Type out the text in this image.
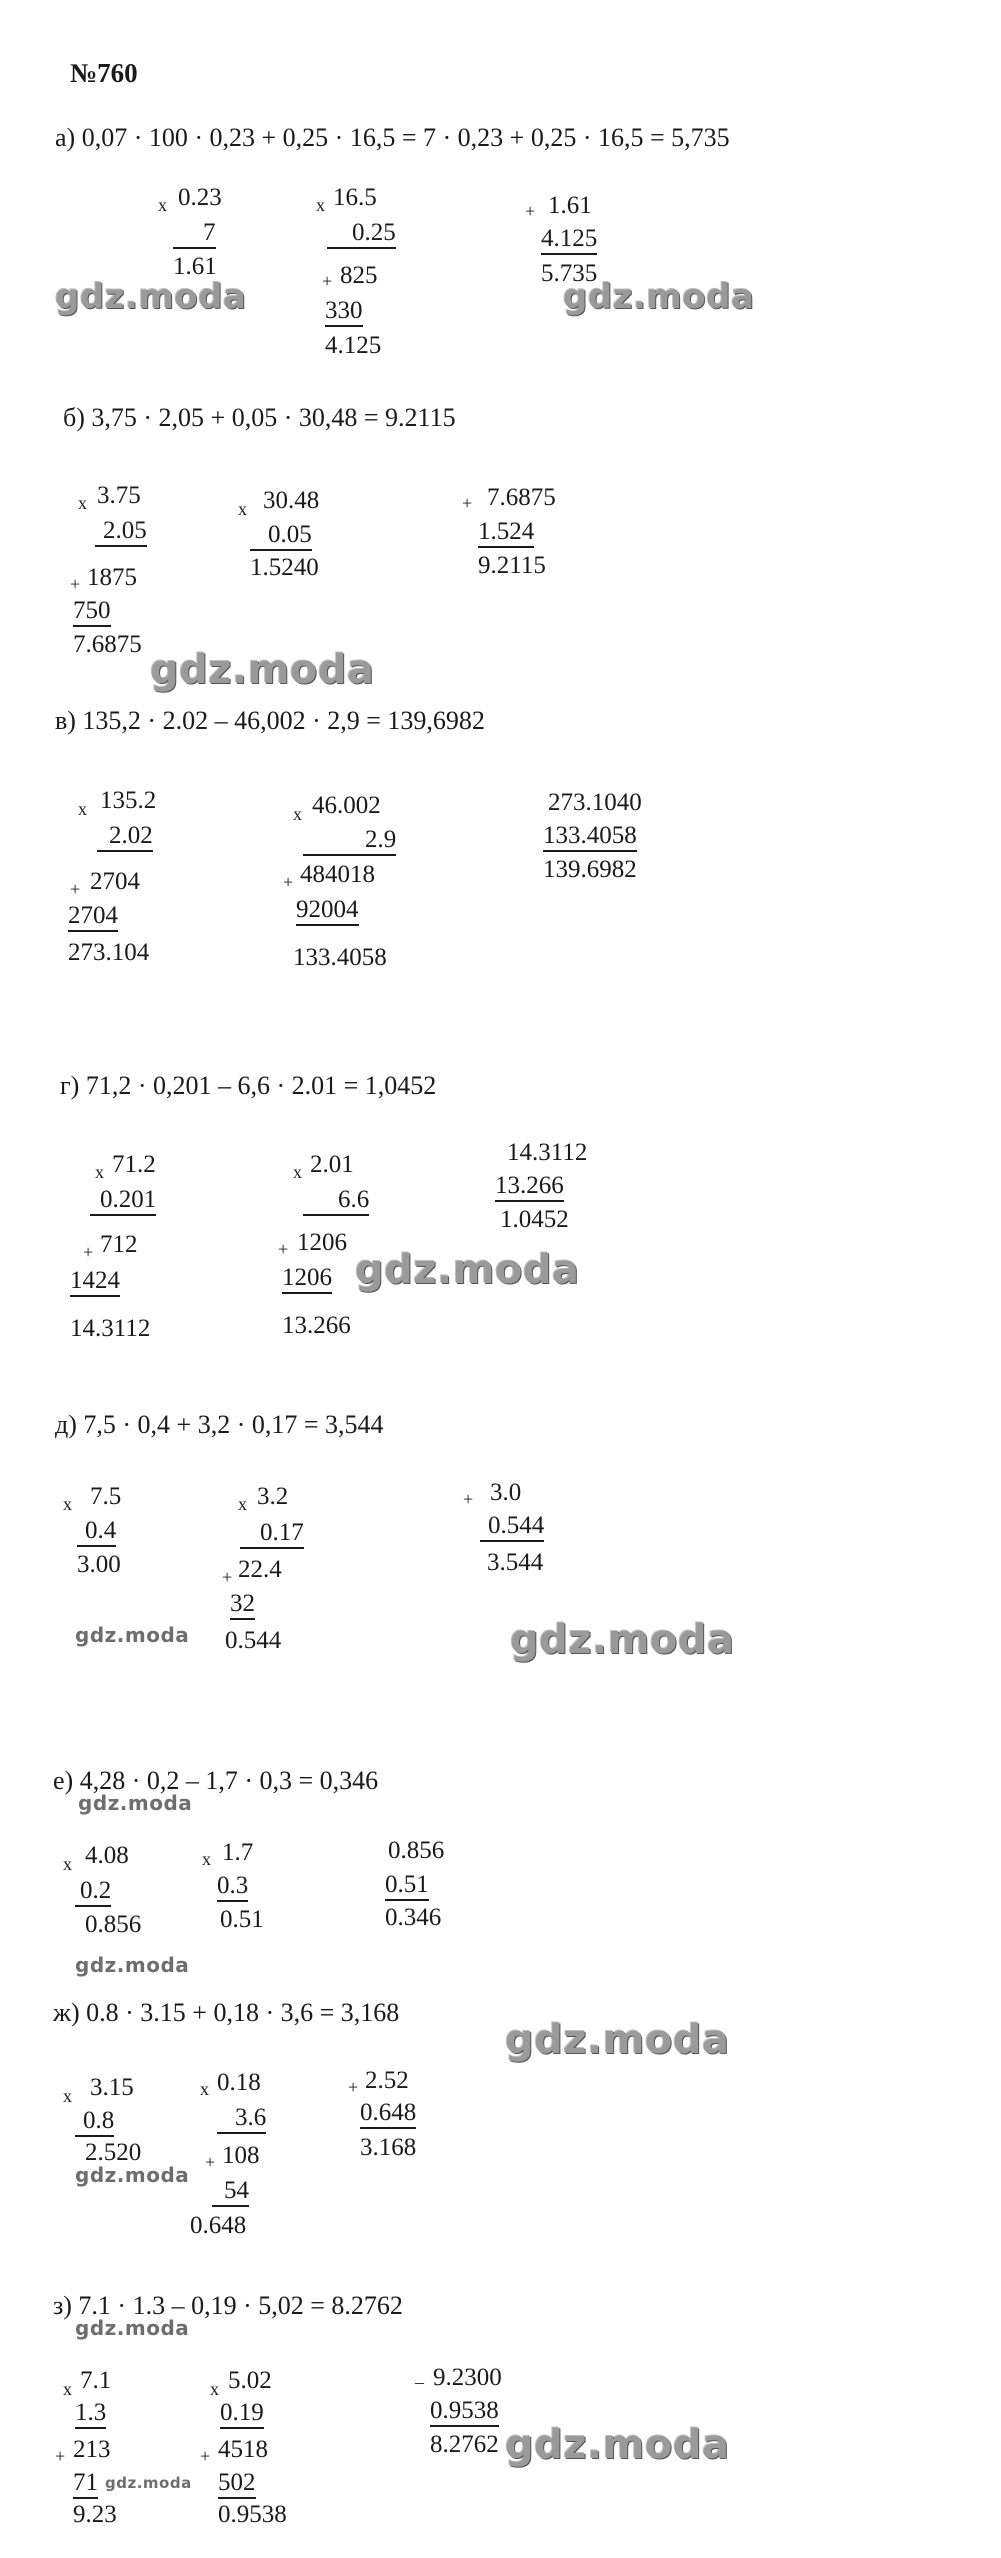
№760
а) 0,07 · 100 · 0,23 + 0,25 · 16,5 = 7 · 0,23 + 0,25 · 16,5 = 5,735
x 0.23
7
1.61
x 16.5
0.25
+ 825
330
4.125
+ 1.61
4.125
5.735
б) 3,75 · 2,05 + 0,05 · 30,48 = 9.2115
x 3.75
2.05
+ 1875
750
7.6875
x 30.48
0.05
1.5240
+ 7.6875
1.524
9.2115
в) 135,2 · 2.02 – 46,002 · 2,9 = 139,6982
x 135.2
2.02
+ 2704
2704
273.104
x 46.002
2.9
+ 484018
92004
133.4058
273.1040
133.4058
139.6982
г) 71,2 · 0,201 – 6,6 · 2.01 = 1,0452
x 71.2
0.201
+ 712
1424
14.3112
x 2.01
6.6
+ 1206
1206
13.266
14.3112
13.266
1.0452
д) 7,5 · 0,4 + 3,2 · 0,17 = 3,544
x 7.5
0.4
3.00
x 3.2
0.17
+ 22.4
32
0.544
+ 3.0
0.544
3.544
е) 4,28 · 0,2 – 1,7 · 0,3 = 0,346
x 4.08
0.2
0.856
x 1.7
0.3
0.51
0.856
0.51
0.346
ж) 0.8 · 3.15 + 0,18 · 3,6 = 3,168
x 3.15
0.8
2.520
x 0.18
3.6
+ 108
54
0.648
+ 2.52
0.648
3.168
з) 7.1 · 1.3 – 0,19 · 5,02 = 8.2762
x 7.1
1.3
+ 213
71
9.23
x 5.02
0.19
+ 4518
502
0.9538
– 9.2300
0.9538
8.2762
gdz.moda	gdz.moda
gdz.moda
gdz.moda
gdz.moda	gdz.moda
gdz.moda
gdz.moda
gdz.moda
gdz.moda
gdz.moda
gdz.moda
gdz.moda
